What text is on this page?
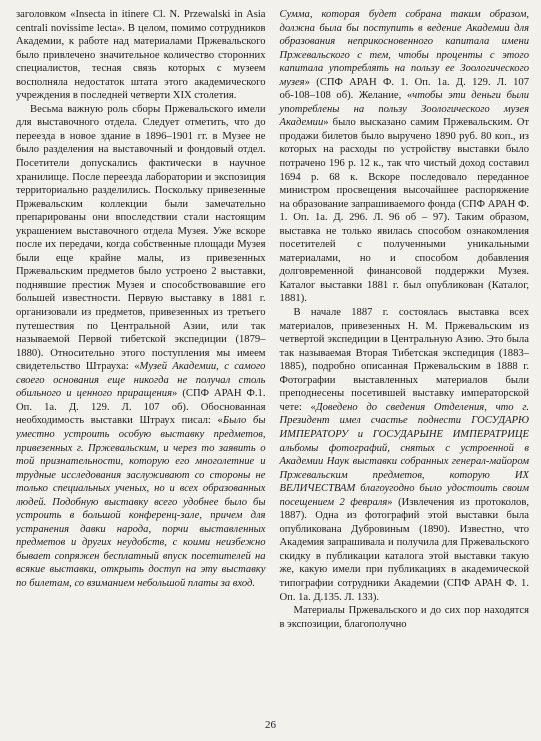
заголовком «Insecta in itinere Cl. N. Przewalski in Asia centrali novissime lecta». В целом, помимо сотрудников Академии, к работе над материалами Пржевальского было привлечено значительное количество сторонних специалистов, тесная связь которых с музеем восполняла недостаток штата этого академического учреждения в последней четверти XIX столетия.

Весьма важную роль сборы Пржевальского имели для выставочного отдела. Следует отметить, что до переезда в новое здание в 1896–1901 гг. в Музее не было разделения на выставочный и фондовый отдел. Посетители допускались фактически в научное хранилище. После переезда лаборатории и экспозиция территориально разделились. Поскольку привезенные Пржевальским коллекции были замечательно препарированы они впоследствии стали настоящим украшением выставочного отдела Музея. Уже вскоре после их передачи, когда собственные площади Музея были еще крайне малы, из привезенных Пржевальским предметов было устроено 2 выставки, поднявшие престиж Музея и способствовавшие его большей известности. Первую выставку в 1881 г. организовали из предметов, привезенных из третьего путешествия по Центральной Азии, или так называемой Первой тибетской экспедиции (1879–1880). Относительно этого поступления мы имеем свидетельство Штрауха: «Музей Академии, с самого своего основания еще никогда не получал столь обильного и ценного приращения» (СПФ АРАН Ф.1. Оп. 1а. Д. 129. Л. 107 об). Обоснованная необходимость выставки Штраух писал: «Было бы уместно устроить особую выставку предметов, привезенных г. Пржевальским, и через то заявить о той признательности, которую его многолетние и трудные исследования заслуживают со стороны не только специальных ученых, но и всех образованных людей. Подобную выставку всего удобнее было бы устроить в большой конференц-зале, причем для устранения давки народа, порчи выставленных предметов и других неудобств, с коими неизбежно бывает сопряжен бесплатный впуск посетителей на всякие выставки, открыть доступ на эту выставку по билетам, со взиманием небольшой платы за вход.

Сумма, которая будет собрана таким образом, должна была бы поступить в ведение Академии для образования неприкосновенного капитала имени Пржевальского с тем, чтобы проценты с этого капитала употреблять на пользу ее Зоологического музея» (СПФ АРАН Ф. 1. Оп. 1а. Д. 129. Л. 107 об-108–108 об). Желание, «чтобы эти деньги были употреблены на пользу Зоологического музея Академии» было высказано самим Пржевальским. От продажи билетов было выручено 1890 руб. 80 коп., из которых на расходы по устройству выставки было потрачено 196 р. 12 к., так что чистый доход составил 1694 р. 68 к. Вскоре последовало переданное министром просвещения высочайшее распоряжение на образование запрашиваемого фонда (СПФ АРАН Ф. 1. Оп. 1а. Д. 296. Л. 96 об – 97). Таким образом, выставка не только явилась способом ознакомления посетителей с полученными уникальными материалами, но и способом добавления долговременной финансовой поддержки Музея. Каталог выставки 1881 г. был опубликован (Каталог, 1881).

В начале 1887 г. состоялась выставка всех материалов, привезенных Н. М. Пржевальским из четвертой экспедиции в Центральную Азию. Это была так называемая Вторая Тибетская экспедиция (1883–1885), подробно описанная Пржевальским в 1888 г. Фотографии выставленных материалов были преподнесены посетившей выставку императорской чете: «Доведено до сведения Отделения, что г. Президент имел счастье поднести ГОСУДАРЮ ИМПЕРАТОРУ и ГОСУДАРЫНЕ ИМПЕРАТРИЦЕ альбомы фотографий, снятых с устроенной в Академии Наук выставки собранных генерал-майором Пржевальским предметов, которую ИХ ВЕЛИЧЕСТВАМ благоугодно было удостоить своим посещением 2 февраля» (Извлечения из протоколов, 1887). Одна из фотографий этой выставки была опубликована Дубровиным (1890). Известно, что Академия запрашивала и получила для Пржевальского скидку в публикации каталога этой выставки такую же, какую имели при публикациях в академической типографии сотрудники Академии (СПФ АРАН Ф. 1. Оп. 1а. Д.135. Л. 133).

Материалы Пржевальского и до сих пор находятся в экспозиции, благополучно

26
